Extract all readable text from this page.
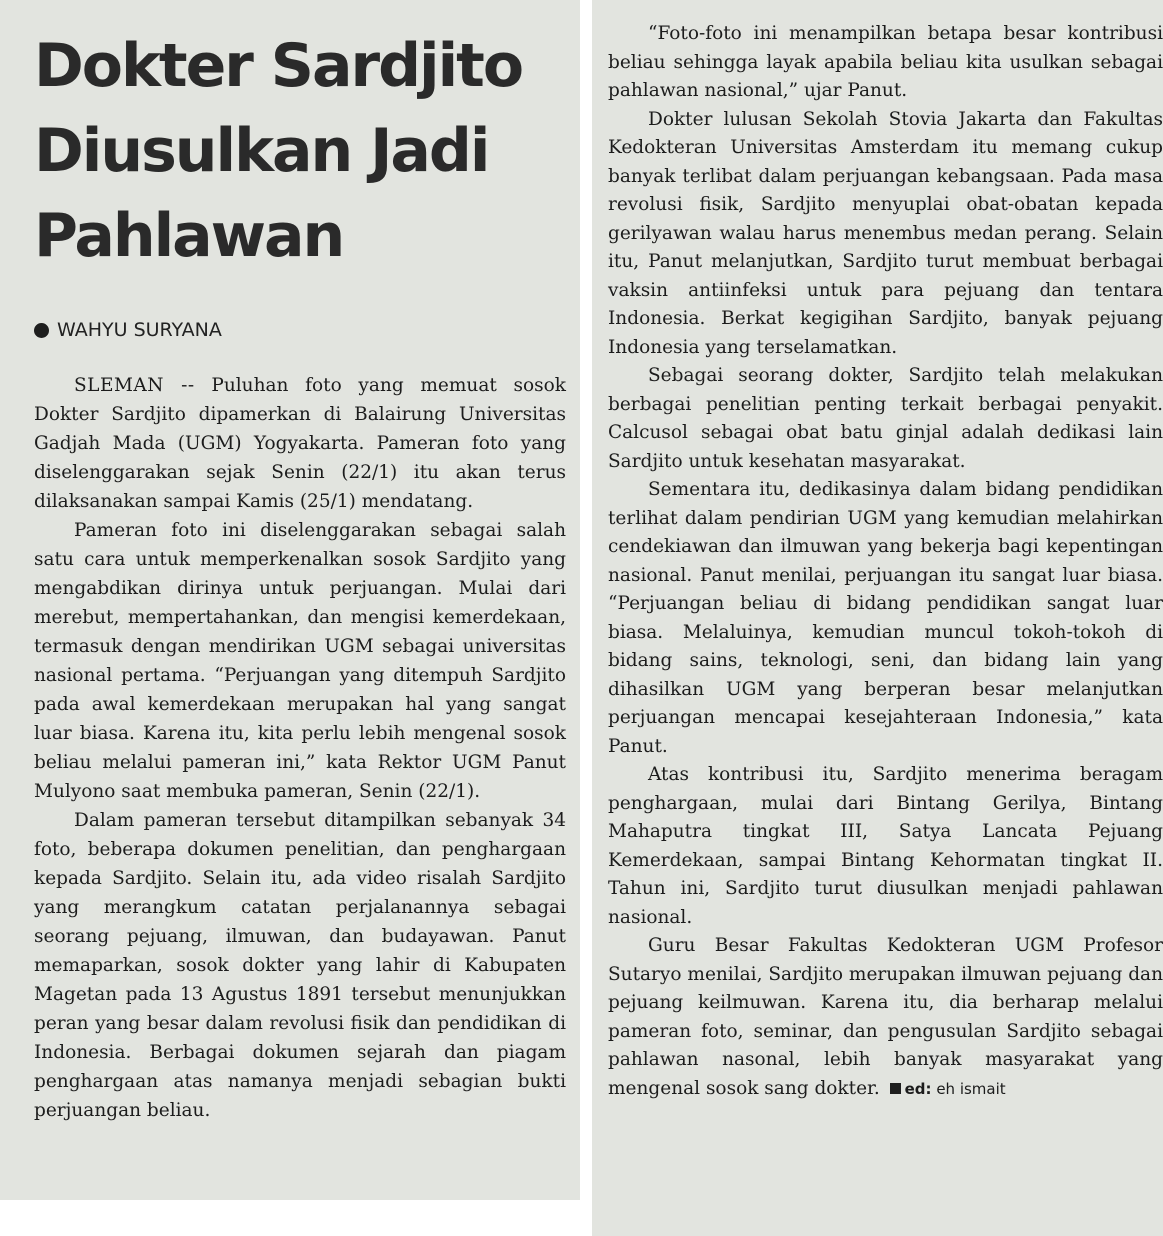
Dokter Sardjito
Diusulkan Jadi
Pahlawan
WAHYU SURYANA

SLEMAN -- Puluhan foto yang memuat sosok Dokter Sardjito dipamerkan di Balairung Universitas Gadjah Mada (UGM) Yogyakarta. Pameran foto yang diselenggarakan sejak Senin (22/1) itu akan terus dilaksanakan sampai Kamis (25/1) mendatang.

Pameran foto ini diselenggarakan sebagai salah satu cara untuk memperkenalkan sosok Sardjito yang mengabdikan dirinya untuk perjuangan. Mulai dari merebut, mempertahankan, dan mengisi kemerdekaan, termasuk dengan mendirikan UGM sebagai universitas nasional pertama. “Perjuangan yang ditempuh Sardjito pada awal kemerdekaan merupakan hal yang sangat luar biasa. Karena itu, kita perlu lebih mengenal sosok beliau melalui pameran ini,” kata Rektor UGM Panut Mulyono saat membuka pameran, Senin (22/1).

Dalam pameran tersebut ditampilkan sebanyak 34 foto, beberapa dokumen penelitian, dan penghargaan kepada Sardjito. Selain itu, ada video risalah Sardjito yang merangkum catatan perjalanannya sebagai seorang pejuang, ilmuwan, dan budayawan. Panut memaparkan, sosok dokter yang lahir di Kabupaten Magetan pada 13 Agustus 1891 tersebut menunjukkan peran yang besar dalam revolusi fisik dan pendidikan di Indonesia. Berbagai dokumen sejarah dan piagam penghargaan atas namanya menjadi sebagian bukti perjuangan beliau.

“Foto-foto ini menampilkan betapa besar kontribusi beliau sehingga layak apabila beliau kita usulkan sebagai pahlawan nasional,” ujar Panut.

Dokter lulusan Sekolah Stovia Jakarta dan Fakultas Kedokteran Universitas Amsterdam itu memang cukup banyak terlibat dalam perjuangan kebangsaan. Pada masa revolusi fisik, Sardjito menyuplai obat-obatan kepada gerilyawan walau harus menembus medan perang. Selain itu, Panut melanjutkan, Sardjito turut membuat berbagai vaksin antiinfeksi untuk para pejuang dan tentara Indonesia. Berkat kegigihan Sardjito, banyak pejuang Indonesia yang terselamatkan.

Sebagai seorang dokter, Sardjito telah melakukan berbagai penelitian penting terkait berbagai penyakit. Calcusol sebagai obat batu ginjal adalah dedikasi lain Sardjito untuk kesehatan masyarakat.

Sementara itu, dedikasinya dalam bidang pendidikan terlihat dalam pendirian UGM yang kemudian melahirkan cendekiawan dan ilmuwan yang bekerja bagi kepentingan nasional. Panut menilai, perjuangan itu sangat luar biasa. “Perjuangan beliau di bidang pendidikan sangat luar biasa. Melaluinya, kemudian muncul tokoh-tokoh di bidang sains, teknologi, seni, dan bidang lain yang dihasilkan UGM yang berperan besar melanjutkan perjuangan mencapai kesejahteraan Indonesia,” kata Panut.

Atas kontribusi itu, Sardjito menerima beragam penghargaan, mulai dari Bintang Gerilya, Bintang Mahaputra tingkat III, Satya Lancata Pejuang Kemerdekaan, sampai Bintang Kehormatan tingkat II. Tahun ini, Sardjito turut diusulkan menjadi pahlawan nasional.

Guru Besar Fakultas Kedokteran UGM Profesor Sutaryo menilai, Sardjito merupakan ilmuwan pejuang dan pejuang keilmuwan. Karena itu, dia berharap melalui pameran foto, seminar, dan pengusulan Sardjito sebagai pahlawan nasonal, lebih banyak masyarakat yang mengenal sosok sang dokter. ed: eh ismait
